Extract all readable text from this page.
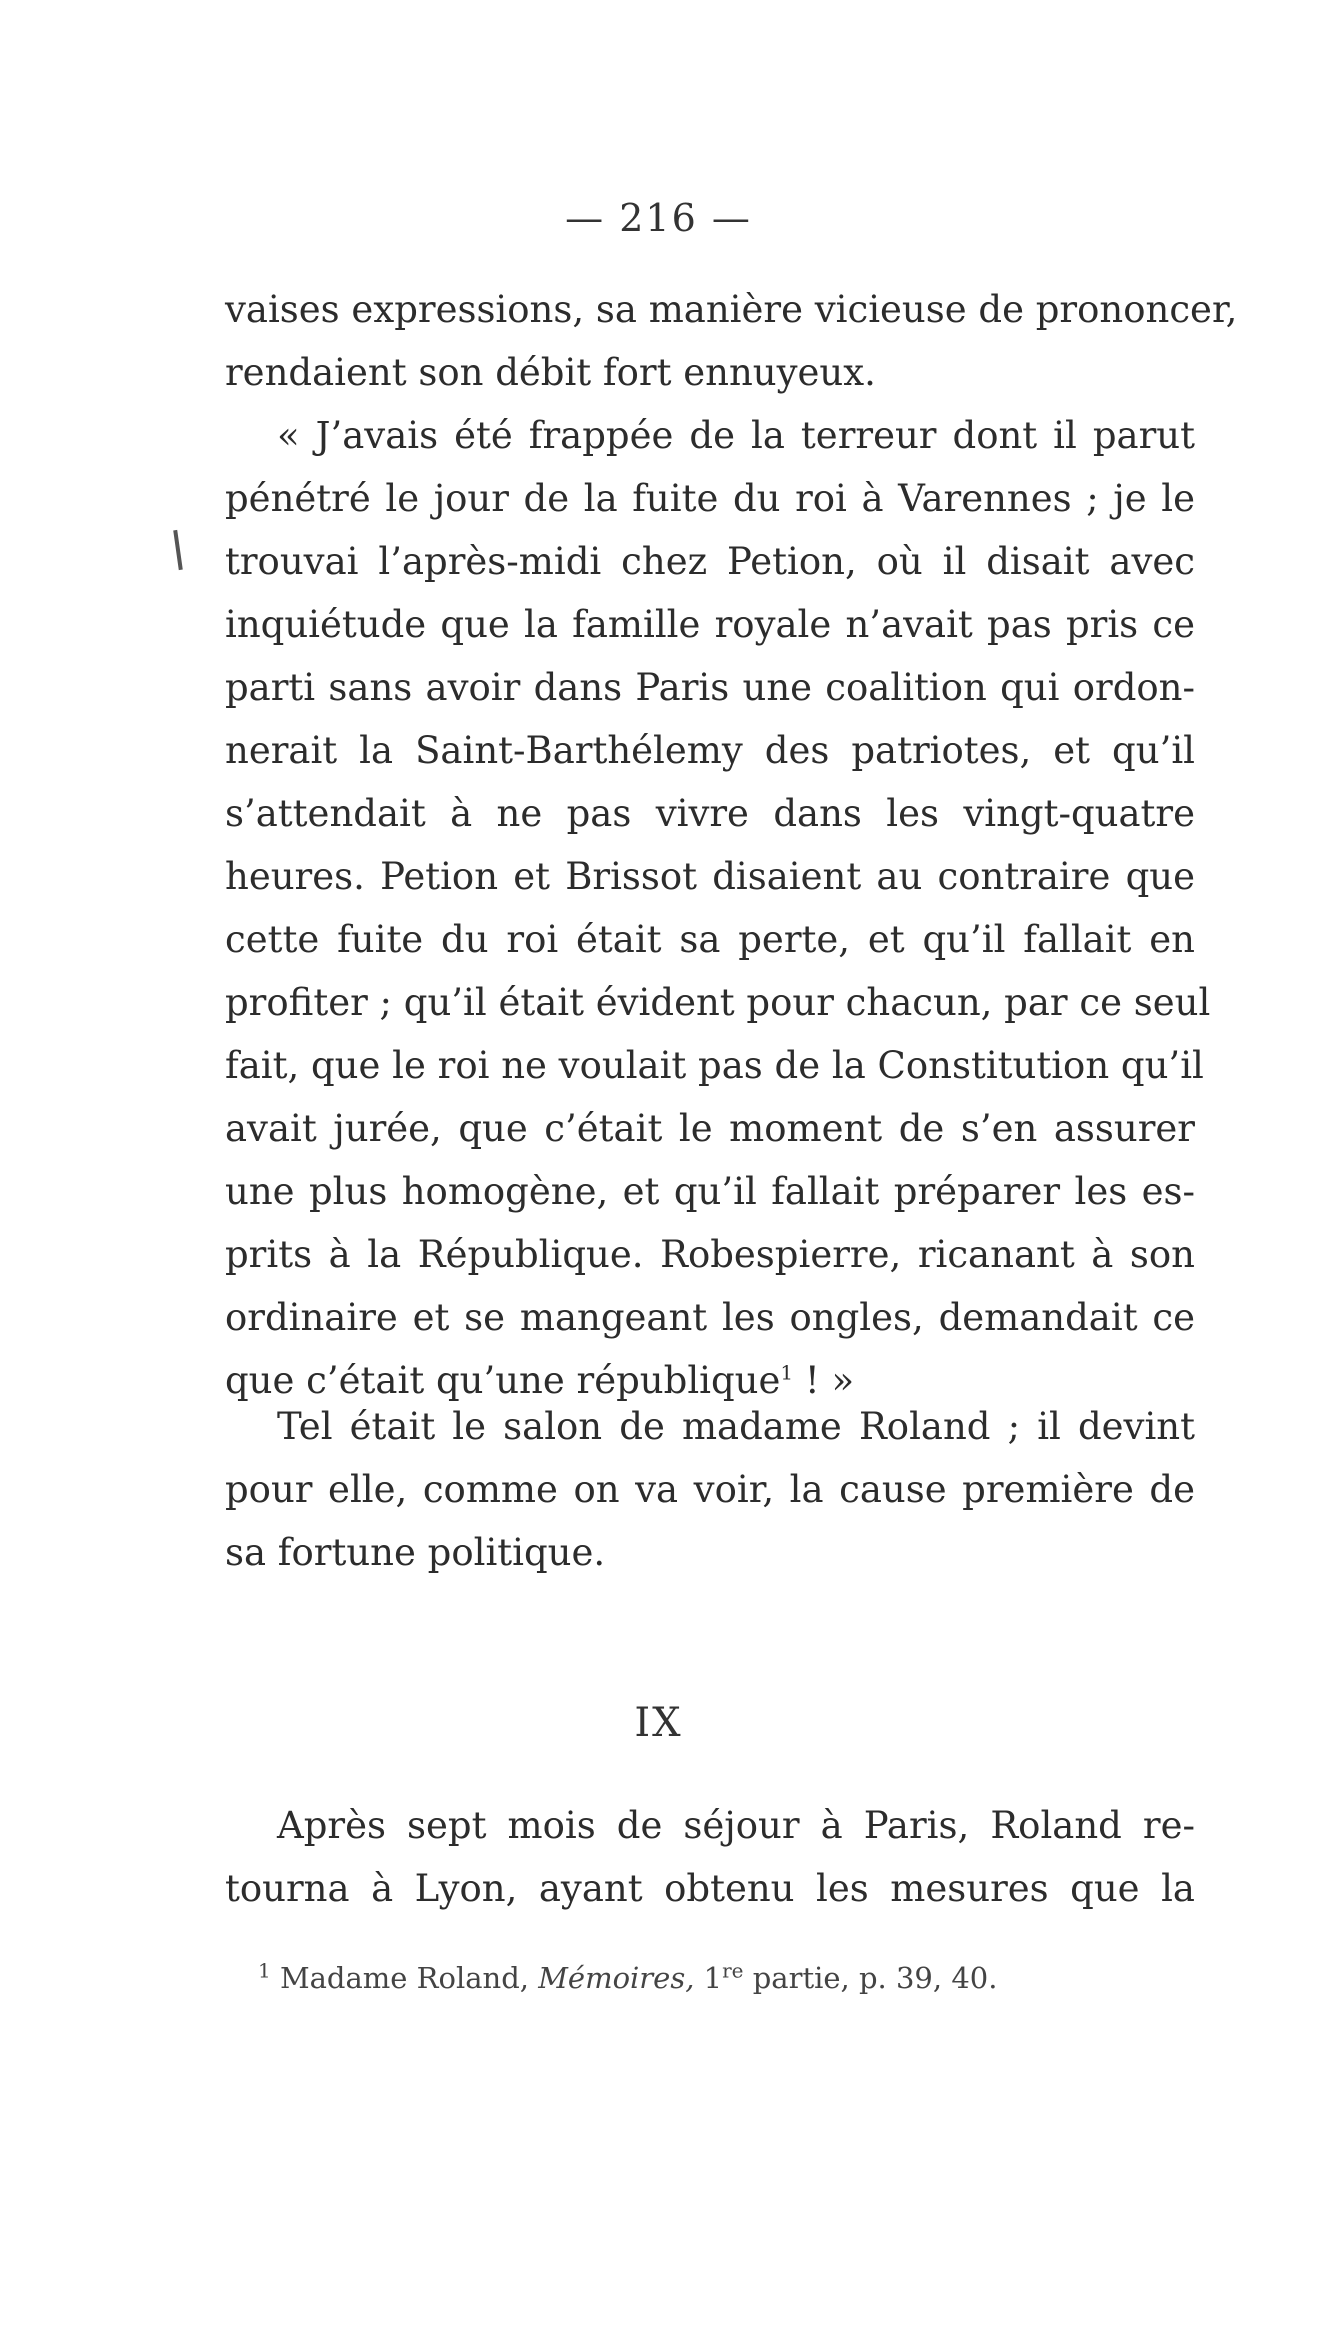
— 216 —
vaises expressions, sa manière vicieuse de prononcer,
rendaient son débit fort ennuyeux.
« J’avais été frappée de la terreur dont il parut
pénétré le jour de la fuite du roi à Varennes ; je le
trouvai l’après-midi chez Petion, où il disait avec
inquiétude que la famille royale n’avait pas pris ce
parti sans avoir dans Paris une coalition qui ordon-
nerait la Saint-Barthélemy des patriotes, et qu’il
s’attendait à ne pas vivre dans les vingt-quatre
heures. Petion et Brissot disaient au contraire que
cette fuite du roi était sa perte, et qu’il fallait en
profiter ; qu’il était évident pour chacun, par ce seul
fait, que le roi ne voulait pas de la Constitution qu’il
avait jurée, que c’était le moment de s’en assurer
une plus homogène, et qu’il fallait préparer les es-
prits à la République. Robespierre, ricanant à son
ordinaire et se mangeant les ongles, demandait ce
que c’était qu’une république$^1$ ! »
Tel était le salon de madame Roland ; il devint
pour elle, comme on va voir, la cause première de
sa fortune politique.
IX
Après sept mois de séjour à Paris, Roland re-
tourna à Lyon, ayant obtenu les mesures que la
$^1$ Madame Roland, Mémoires, 1re partie, p. 39, 40.
